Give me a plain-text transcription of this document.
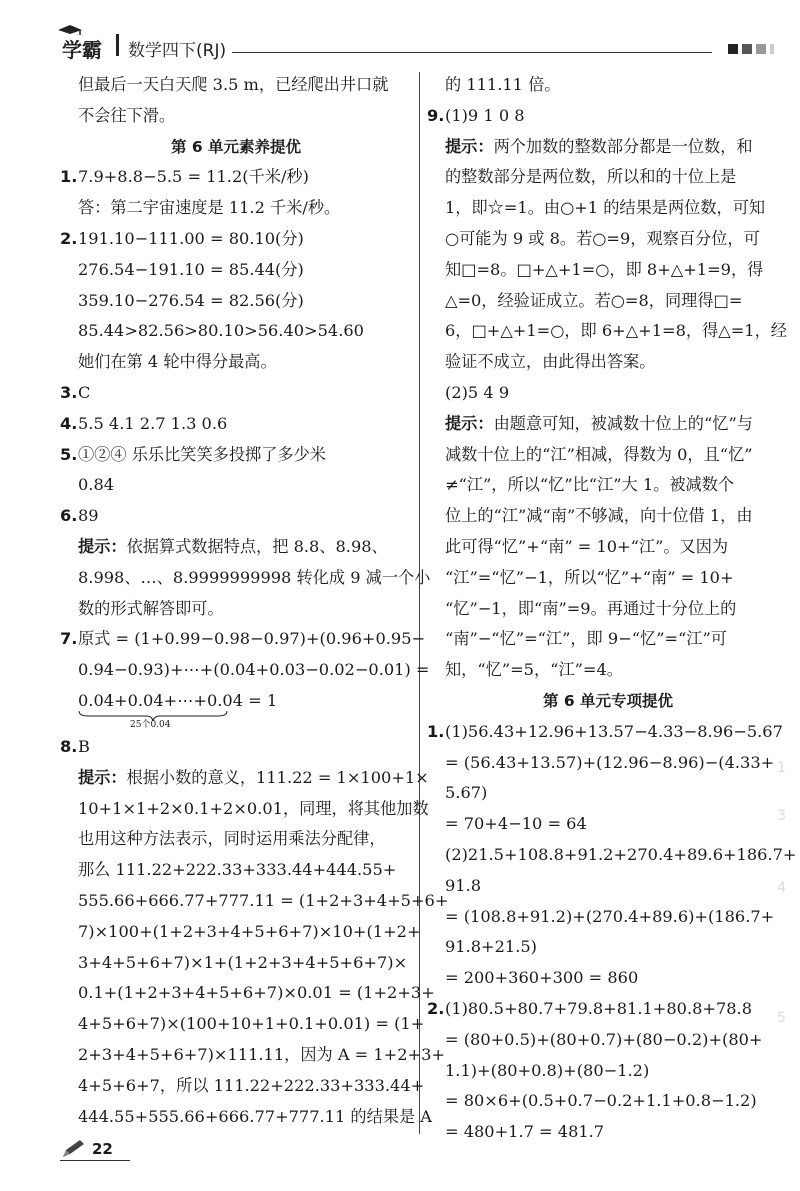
学霸 数学四下(RJ)
但最后一天白天爬 3.5 m，已经爬出井口就
不会往下滑。
第 6 单元素养提优
1.7.9+8.8−5.5 = 11.2(千米/秒)
答：第二宇宙速度是 11.2 千米/秒。
2.191.10−111.00 = 80.10(分)
276.54−191.10 = 85.44(分)
359.10−276.54 = 82.56(分)
85.44>82.56>80.10>56.40>54.60
她们在第 4 轮中得分最高。
3.C
4.5.5 4.1 2.7 1.3 0.6
5.①②④ 乐乐比笑笑多投掷了多少米
0.84
6.89
提示：依据算式数据特点，把 8.8、8.98、
8.998、…、8.9999999998 转化成 9 减一个小
数的形式解答即可。
7.原式 = (1+0.99−0.98−0.97)+(0.96+0.95−
0.94−0.93)+⋯+(0.04+0.03−0.02−0.01) =
0.04+0.04+⋯+0.04 = 1
25个0.04
8.B
提示：根据小数的意义，111.22 = 1×100+1×
10+1×1+2×0.1+2×0.01，同理，将其他加数
也用这种方法表示，同时运用乘法分配律，
那么 111.22+222.33+333.44+444.55+
555.66+666.77+777.11 = (1+2+3+4+5+6+
7)×100+(1+2+3+4+5+6+7)×10+(1+2+
3+4+5+6+7)×1+(1+2+3+4+5+6+7)×
0.1+(1+2+3+4+5+6+7)×0.01 = (1+2+3+
4+5+6+7)×(100+10+1+0.1+0.01) = (1+
2+3+4+5+6+7)×111.11，因为 A = 1+2+3+
4+5+6+7，所以 111.22+222.33+333.44+
444.55+555.66+666.77+777.11 的结果是 A
的 111.11 倍。
9.(1)9 1 0 8
提示：两个加数的整数部分都是一位数，和
的整数部分是两位数，所以和的十位上是
1，即☆=1。由○+1 的结果是两位数，可知
○可能为 9 或 8。若○=9，观察百分位，可
知□=8。□+△+1=○，即 8+△+1=9，得
△=0，经验证成立。若○=8，同理得□=
6，□+△+1=○，即 6+△+1=8，得△=1，经
验证不成立，由此得出答案。
(2)5 4 9
提示：由题意可知，被减数十位上的“忆”与
减数十位上的“江”相减，得数为 0，且“忆”
≠“江”，所以“忆”比“江”大 1。被减数个
位上的“江”减“南”不够减，向十位借 1，由
此可得“忆”+“南” = 10+“江”。又因为
“江”=“忆”−1，所以“忆”+“南” = 10+
“忆”−1，即“南”=9。再通过十分位上的
“南”−“忆”=“江”，即 9−“忆”=“江”可
知，“忆”=5，“江”=4。
第 6 单元专项提优
1.(1)56.43+12.96+13.57−4.33−8.96−5.67
= (56.43+13.57)+(12.96−8.96)−(4.33+
5.67)
= 70+4−10 = 64
(2)21.5+108.8+91.2+270.4+89.6+186.7+
91.8
= (108.8+91.2)+(270.4+89.6)+(186.7+
91.8+21.5)
= 200+360+300 = 860
2.(1)80.5+80.7+79.8+81.1+80.8+78.8
= (80+0.5)+(80+0.7)+(80−0.2)+(80+
1.1)+(80+0.8)+(80−1.2)
= 80×6+(0.5+0.7−0.2+1.1+0.8−1.2)
= 480+1.7 = 481.7
1
3
4
5
22
